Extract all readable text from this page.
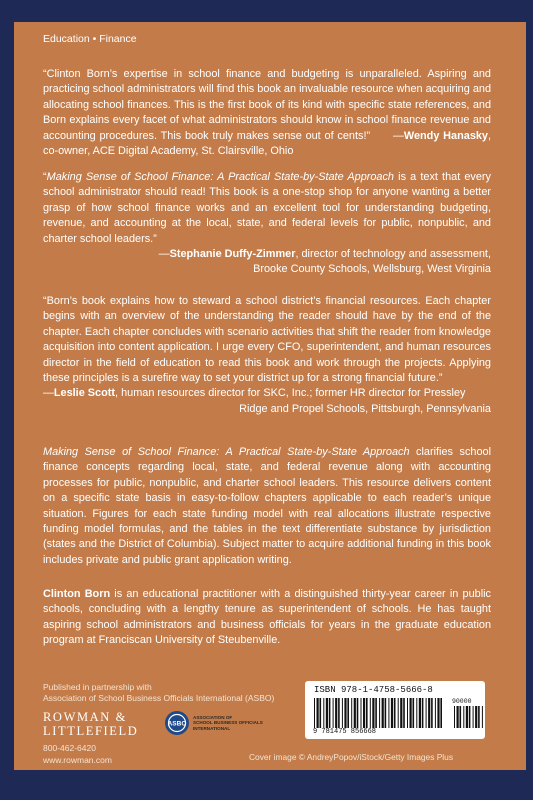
Education • Finance

“Clinton Born’s expertise in school finance and budgeting is unparalleled. Aspiring and practicing school administrators will find this book an invaluable resource when acquiring and allocating school finances. This is the first book of its kind with specific state references, and Born explains every facet of what administrators should know in school finance revenue and accounting procedures. This book truly makes sense out of cents!” —Wendy Hanasky, co-owner, ACE Digital Academy, St. Clairsville, Ohio

“Making Sense of School Finance: A Practical State-by-State Approach is a text that every school administrator should read! This book is a one-stop shop for anyone wanting a better grasp of how school finance works and an excellent tool for understanding budgeting, revenue, and accounting at the local, state, and federal levels for public, nonpublic, and charter school leaders.”

—Stephanie Duffy-Zimmer, director of technology and assessment,
Brooke County Schools, Wellsburg, West Virginia

“Born’s book explains how to steward a school district’s financial resources. Each chapter begins with an overview of the understanding the reader should have by the end of the chapter. Each chapter concludes with scenario activities that shift the reader from knowledge acquisition into content application. I urge every CFO, superintendent, and human resources director in the field of education to read this book and work through the projects. Applying these principles is a surefire way to set your district up for a strong financial future.”

—Leslie Scott, human resources director for SKC, Inc.; former HR director for Pressley
Ridge and Propel Schools, Pittsburgh, Pennsylvania

Making Sense of School Finance: A Practical State-by-State Approach clarifies school finance concepts regarding local, state, and federal revenue along with accounting processes for public, nonpublic, and charter school leaders. This resource delivers content on a specific state basis in easy-to-follow chapters applicable to each reader’s unique situation. Figures for each state funding model with real allocations illustrate respective funding model formulas, and the tables in the text differentiate substance by jurisdiction (states and the District of Columbia). Subject matter to acquire additional funding in this book includes private and public grant application writing.

Clinton Born is an educational practitioner with a distinguished thirty-year career in public schools, concluding with a lengthy tenure as superintendent of schools. He has taught aspiring school administrators and business officials for years in the graduate education program at Franciscan University of Steubenville.

Published in partnership with
Association of School Business Officials International (ASBO)
ROWMAN &
LITTLEFIELD
800-462-6420
www.rowman.com
ASBO
ASSOCIATION OF
SCHOOL BUSINESS OFFICIALS
INTERNATIONAL
ISBN 978-1-4758-5666-8
9 781475 856668
90000
Cover image © AndreyPopov/iStock/Getty Images Plus
